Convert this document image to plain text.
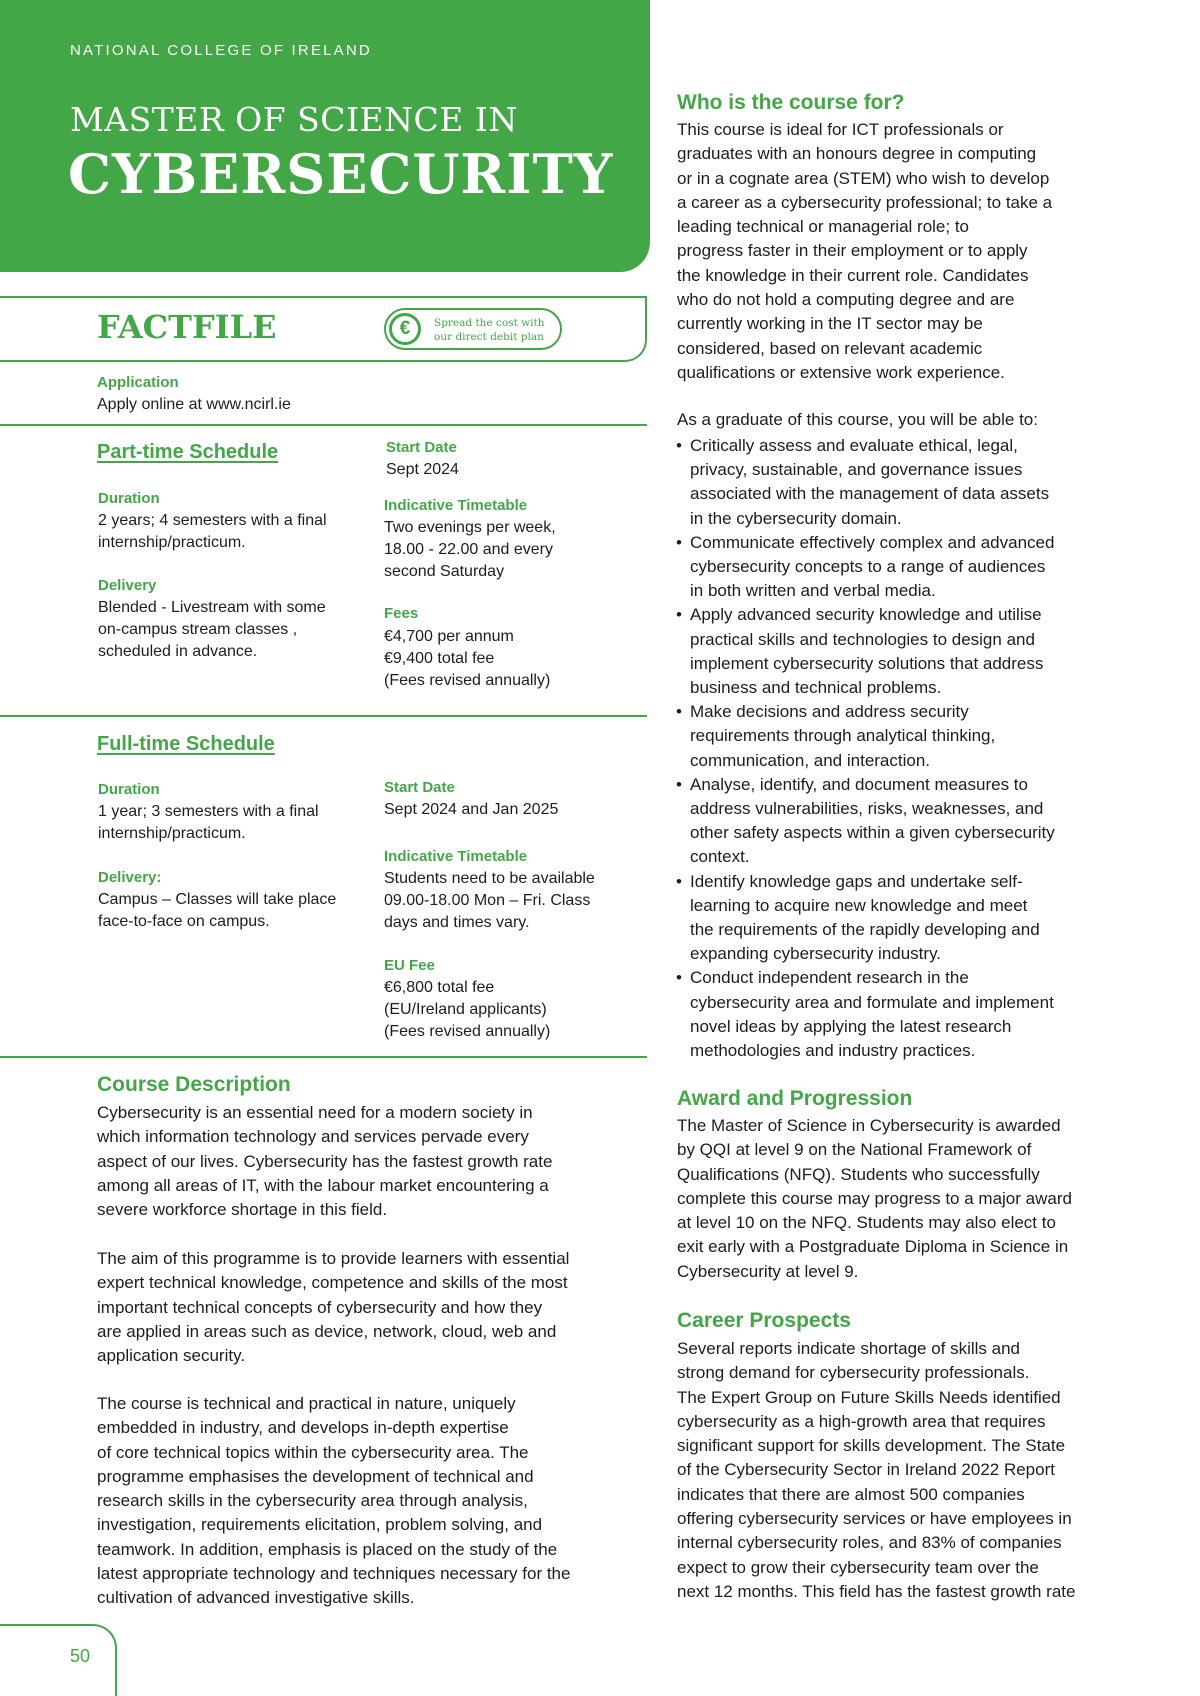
NATIONAL COLLEGE OF IRELAND
MASTER OF SCIENCE IN
CYBERSECURITY
FACTFILE	€	Spread the cost with our direct debit plan
Application
Apply online at www.ncirl.ie
Part-time Schedule
Duration
2 years; 4 semesters with a final
internship/practicum.
Delivery
Blended - Livestream with some
on-campus stream classes ,
scheduled in advance.
Start Date
Sept 2024
Indicative Timetable
Two evenings per week,
18.00 - 22.00 and every
second Saturday
Fees
€4,700 per annum
€9,400 total fee
(Fees revised annually)
Full-time Schedule
Duration
1 year; 3 semesters with a final
internship/practicum.
Delivery:
Campus – Classes will take place
face-to-face on campus.
Start Date
Sept 2024 and Jan 2025
Indicative Timetable
Students need to be available
09.00-18.00 Mon – Fri. Class
days and times vary.
EU Fee
€6,800 total fee
(EU/Ireland applicants)
(Fees revised annually)
Course Description
Cybersecurity is an essential need for a modern society in
which information technology and services pervade every
aspect of our lives. Cybersecurity has the fastest growth rate
among all areas of IT, with the labour market encountering a
severe workforce shortage in this field.
The aim of this programme is to provide learners with essential
expert technical knowledge, competence and skills of the most
important technical concepts of cybersecurity and how they
are applied in areas such as device, network, cloud, web and
application security.
The course is technical and practical in nature, uniquely
embedded in industry, and develops in-depth expertise
of core technical topics within the cybersecurity area. The
programme emphasises the development of technical and
research skills in the cybersecurity area through analysis,
investigation, requirements elicitation, problem solving, and
teamwork. In addition, emphasis is placed on the study of the
latest appropriate technology and techniques necessary for the
cultivation of advanced investigative skills.
Who is the course for?
This course is ideal for ICT professionals or
graduates with an honours degree in computing
or in a cognate area (STEM) who wish to develop
a career as a cybersecurity professional; to take a
leading technical or managerial role; to
progress faster in their employment or to apply
the knowledge in their current role. Candidates
who do not hold a computing degree and are
currently working in the IT sector may be
considered, based on relevant academic
qualifications or extensive work experience.
As a graduate of this course, you will be able to:
• Critically assess and evaluate ethical, legal,
privacy, sustainable, and governance issues
associated with the management of data assets
in the cybersecurity domain.
• Communicate effectively complex and advanced
cybersecurity concepts to a range of audiences
in both written and verbal media.
• Apply advanced security knowledge and utilise
practical skills and technologies to design and
implement cybersecurity solutions that address
business and technical problems.
• Make decisions and address security
requirements through analytical thinking,
communication, and interaction.
• Analyse, identify, and document measures to
address vulnerabilities, risks, weaknesses, and
other safety aspects within a given cybersecurity
context.
• Identify knowledge gaps and undertake self-
learning to acquire new knowledge and meet
the requirements of the rapidly developing and
expanding cybersecurity industry.
• Conduct independent research in the
cybersecurity area and formulate and implement
novel ideas by applying the latest research
methodologies and industry practices.
Award and Progression
The Master of Science in Cybersecurity is awarded
by QQI at level 9 on the National Framework of
Qualifications (NFQ). Students who successfully
complete this course may progress to a major award
at level 10 on the NFQ. Students may also elect to
exit early with a Postgraduate Diploma in Science in
Cybersecurity at level 9.
Career Prospects
Several reports indicate shortage of skills and
strong demand for cybersecurity professionals.
The Expert Group on Future Skills Needs identified
cybersecurity as a high-growth area that requires
significant support for skills development. The State
of the Cybersecurity Sector in Ireland 2022 Report
indicates that there are almost 500 companies
offering cybersecurity services or have employees in
internal cybersecurity roles, and 83% of companies
expect to grow their cybersecurity team over the
next 12 months. This field has the fastest growth rate
50
